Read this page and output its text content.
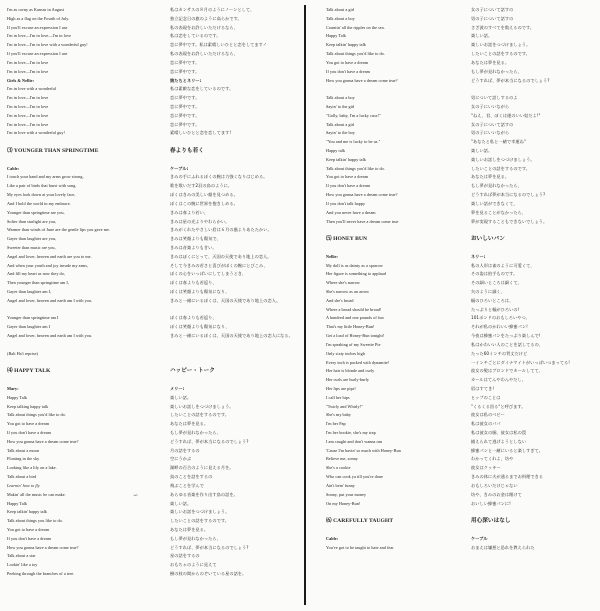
I'm as corny as Kansas in August
High as a flag on the Fourth of July.
If you'll excuse an expression I use
I'm in love—I'm in love—I'm in love
I'm in love—I'm in love with a wonderful guy!
If you'll excuse an expression I use
I'm in love—I'm in love
I'm in love—I'm in love
Girls & Nellie:
I'm in love with a wonderful
I'm in love—I'm in love
I'm in love—I'm in love
I'm in love—I'm in love
I'm in love—I'm in love
I'm in love with a wonderful guy!
⑶ YOUNGER THAN SPRINGTIME
Cable:
I touch your hand and my arms grow strong,
Like a pair of birds that burst with song.
My eyes look down at your lovely face,
And I hold the world in my embrace.
Younger than springtime are you,
Softer than starlight are you,
Warmer than winds of June are the gentle lips you gave me.
Gayer than laughter are you,
Sweeter than music are you,
Angel and lover, heaven and earth are you to me.
And when your youth and joy invade my arms,
And fill my heart as now they do,
Then younger than springtime am I,
Gayer than laughter am I,
Angel and lover, heaven and earth am I with you.
Younger than springtime am I
Gayer than laughter am I
Angel and lover, heaven and earth am I with you.
(Bali Ha'i reprise)
⑷ HAPPY TALK
Mary:
Happy Talk
Keep talking happy talk
Talk about things you'd like to do.
You got to have a dream
If you don't have a dream
How you gonna have a dream come true?
Talk about a moon
Floating in the sky
Looking like a lily on a lake.
Talk about a bird
Learnin' how to fly
Makin' all the music he can make.
Happy Talk
Keep talkin' happy talk
Talk about things you like to do.
You got to have a dream
If you don't have a dream
How you gonna have a dream come true?
Talk about a star
Lookin' like a toy
Peeking through the branches of a tree.
私はカンサスの８月のようにノーンとして、
独立記念日の旗のように高らかです。
私の表現をお許しいただけるなら、
私は恋をしているのです。
恋に夢中です。私は素晴しいひとと恋をしてますノ
私の表現をお許しいただけるなら、
恋に夢中です。
恋に夢中です。
娘たちとネリー:
私は素敵な恋をしているのです。
恋に夢中です。
恋に夢中です。
恋に夢中です。
恋に夢中です。
素晴しいひとと恋を恋してます!
春よりも若く
ケーブル:
きみの手にふれるぼくの腕は力強くなりはじめる。
歌を歌いだす2羽の鳥のように。
ぼくはきみの美しい顔を見つめる。
ぼくはこの腕に世界を抱きしめる。
きみは春より若い、
きみは星の光よりやわらかい。
きみがくれたやさしい唇は６月の風よりあたたかい。
きみは笑顔よりも陽気で、
きみは音楽よりも甘い。
きみはぼくにとって、天国の天使であり地上の恋人。
そして今きみの若さと喜びがぼくの腕にとびこみ、
ぼくの心をいっぱいにしてしまうとき、
ぼくは春よりも若返り、
ぼくは笑顔よりも陽気になり、
きみと一緒にいるぼくは、天国の天使であり地上の恋人。
ぼくは春よりも若返り、
ぼくは笑顔よりも陽気になり、
きみと一緒にいるぼくは、天国の天使であり地上の恋人になる。
ハッピー・トーク
メリー:
楽しい話。
楽しいお話しをつづけましょう。
したいことの話をするのです。
あなたは夢を見る。
もし夢が見れなかったら、
どうすれば、夢が本当になるのでしょう?
月の話をするの
空にうかぶ
湖畔の百合のように見える月を。
鳥のことを話をするの
飛ぶことを学んで
あらゆる音楽を作り出す鳥の話を。
楽しい話。
楽しいお話をつづけましょう。
したいことの話をするのです。
あなたは夢を見る。
もし夢が見れなかったら、
どうすれば、夢が本当になるのでしょう?
星の話をするの
おもちゃのように見えて
樹の枝の間からのぞいている星の話を。
Talk about a girl
Talk about a boy
Countin' all the ripples on the sea.
Happy Talk
Keep talkin' happy talk
Talk about things you'd like to do.
You got to have a dream
If you don't have a dream
How you gonna have a dream come true?
Talk about a boy
Sayin' to the girl
"Golly, baby, I'm a lucky cuss!"
Talk about a girl
Sayin' to the boy
"You and me is lucky to be us."
Happy talk
Keep talkin' happy talk
Talk about things you'd like to do.
You got to have a dream
If you don't have a dream
How you gonna have a dream come true?
If you don't talk happy
And you never have a dream
Then you'll never have a dream come true
⑸ HONEY BUN
Nellie:
My doll is as dainty as a sparrow
Her figure is something to applaud
Where she's narrow
She's narrow as an arrow
And she's broad
Where a broad should be broad!
A hundred and one pounds of fun
That's my little Honey-Bun!
Get a load of Honey-Bun tonight!
I'm speaking of my Sweetie Pie
Only sixty inches high
Every inch is packed with dynamite!
Her hair is blonde and curly
Her curls are hurly-burly
Her lips are pips!
I call her hips
"Twirly and Whirly!"
She's my baby
I'm her Pap
I'm her bookie, she's my trap
I am caught and don't wanna run
'Cause I'm havin' so much with Honey-Bun
Believe me, sonny
She's a cookie
Who can cook ya till you're done
Ain't bein' funny
Sonny, put your money
On my Honey-Bun!
⑹ CAREFULLY TAUGHT
Cable:
You've got to be taught to hate and fear
女の子について話すの
男の子について話すの
さざ波のすべてを数えるのです。
楽しい話。
楽しいお話をつづけましょう。
したいことの話をするのです。
あなたは夢を見る。
もし夢が見れなかったら、
どうすれば、夢が本当になるのでしょう?
男について話しするのよ
女の子にいいながら
"ねえ、君、ぼくは運のいい奴だよ!"
女の子について話すの
男の子にいいながら
"あなたと私と一緒で幸運ね"
楽しい話。
楽しいお話しをつづけましょう。
したいことの話をするのです。
あなたは夢を見る。
もし夢が見れなかったら、
どうすれば夢が本当になるのでしょう?
楽しい話ができなくて、
夢を見ることがなかったら、
夢が実現することもできないでしょう。
おいしいバン
ネリー:
私の人形は雀のように可愛くて、
その姿は拍手ものです。
その細いところは細くて、
矢のように細く、
幅のひろいところは、
たっぷりと幅がひろいの!
101ポンドのおもしろいやつ、
それが私のかわいい蜂蜜パン!
今夜は蜂蜜パンをたっぷり楽しんで!
私はかわいい人のことを話してるの、
たった60インチの背丈だけど
一インチごとにダイナマイトがいっぱいつまってる!
彼女の髪はブロンドでカールしてて、
カールはてんやわんやだし、
唇はすてき!
ヒップのことは
"くるくる回る"と呼びます。
彼女は私のベビー
私は彼女のパパ
私は彼女の胴、彼女は私の罠
捕えられて逃げようとしない
蜂蜜パンと一緒にいると楽しすぎて。
わかってくれよ、坊や
彼女はクッキー
きみの体に火が通るまでお料理できる
おもしろいだけじゃない
坊や、きみのお金は賭けて
おいしい蜂蜜パンに!
用心深いはなし
ケーブル
おまえは嫌悪と恐れを教えられた
∽
